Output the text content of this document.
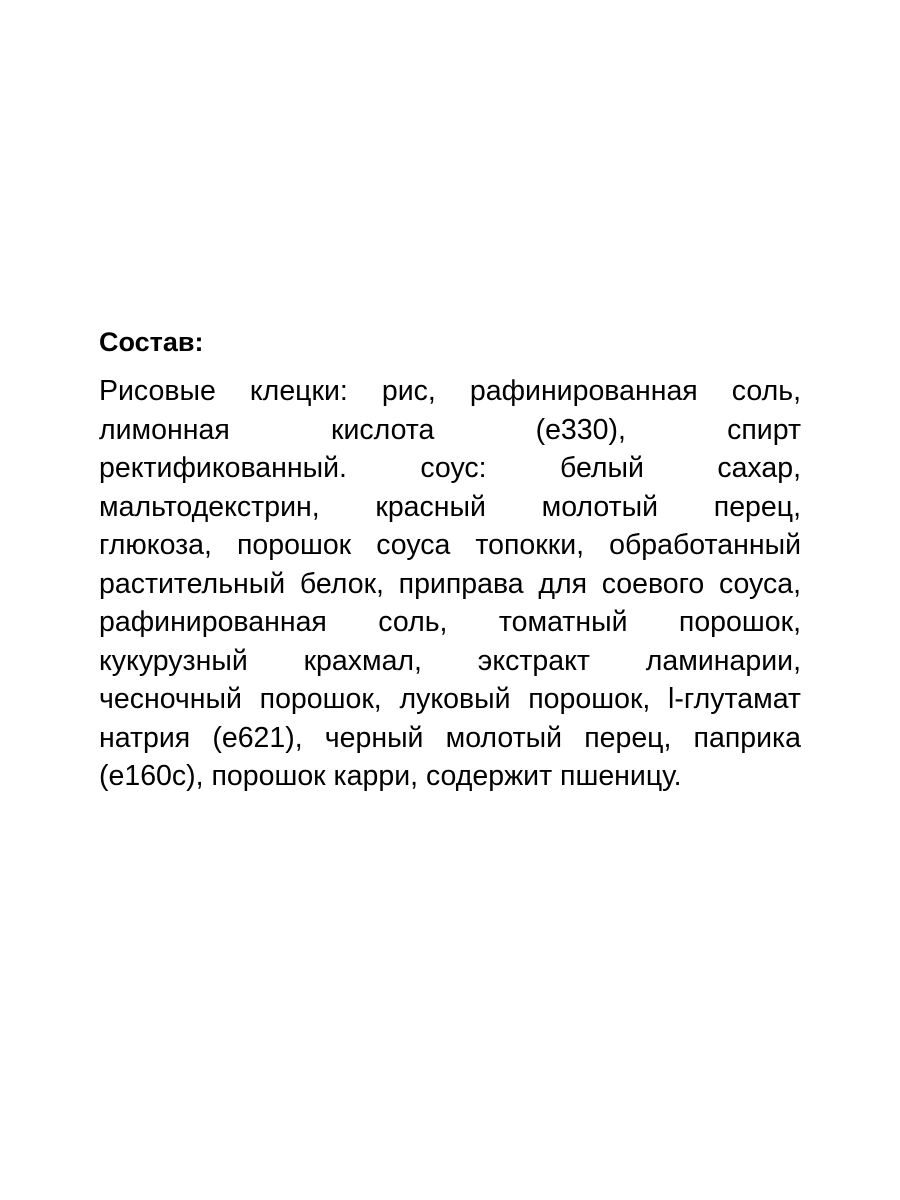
Состав:
Рисовые клецки: рис, рафинированная соль,
лимонная кислота (е330), спирт
ректификованный. соус: белый сахар,
мальтодекстрин, красный молотый перец,
глюкоза, порошок соуса топокки, обработанный
растительный белок, приправа для соевого соуса,
рафинированная соль, томатный порошок,
кукурузный крахмал, экстракт ламинарии,
чесночный порошок, луковый порошок, l-глутамат
натрия (е621), черный молотый перец, паприка
(е160с), порошок карри, содержит пшеницу.
